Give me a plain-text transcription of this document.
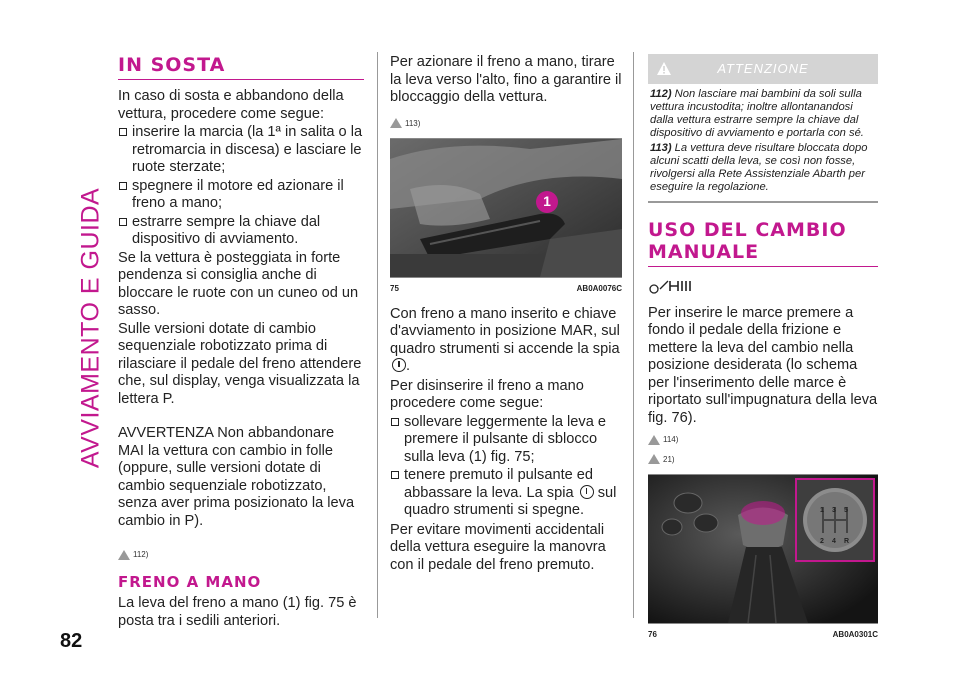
AVVIAMENTO E GUIDA
82
IN SOSTA

In caso di sosta e abbandono della vettura, procedere come segue:

inserire la marcia (la 1ª in salita o la retromarcia in discesa) e lasciare le ruote sterzate;

spegnere il motore ed azionare il freno a mano;

estrarre sempre la chiave dal dispositivo di avviamento.

Se la vettura è posteggiata in forte pendenza si consiglia anche di bloccare le ruote con un cuneo od un sasso.

Sulle versioni dotate di cambio sequenziale robotizzato prima di rilasciare il pedale del freno attendere che, sul display, venga visualizzata la lettera P.

AVVERTENZA Non abbandonare MAI la vettura con cambio in folle (oppure, sulle versioni dotate di cambio sequenziale robotizzato, senza aver prima posizionato la leva cambio in P).

112)
FRENO A MANO

La leva del freno a mano (1) fig. 75 è posta tra i sedili anteriori.

Per azionare il freno a mano, tirare la leva verso l'alto, fino a garantire il bloccaggio della vettura.

113)
1
75	AB0A0076C

Con freno a mano inserito e chiave d'avviamento in posizione MAR, sul quadro strumenti si accende la spia .

Per disinserire il freno a mano procedere come segue:

sollevare leggermente la leva e premere il pulsante di sblocco sulla leva (1) fig. 75;

tenere premuto il pulsante ed abbassare la leva. La spia sul quadro strumenti si spegne.

Per evitare movimenti accidentali della vettura eseguire la manovra con il pedale del freno premuto.

ATTENZIONE

112) Non lasciare mai bambini da soli sulla vettura incustodita; inoltre allontanandosi dalla vettura estrarre sempre la chiave dal dispositivo di avviamento e portarla con sé.

113) La vettura deve risultare bloccata dopo alcuni scatti della leva, se così non fosse, rivolgersi alla Rete Assistenziale Abarth per eseguire la regolazione.

USO DEL CAMBIO MANUALE

Per inserire le marce premere a fondo il pedale della frizione e mettere la leva del cambio nella posizione desiderata (lo schema per l'inserimento delle marce è riportato sull'impugnatura della leva fig. 76).

114)
21)
1 3 5
2 4 R
76	AB0A0301C
